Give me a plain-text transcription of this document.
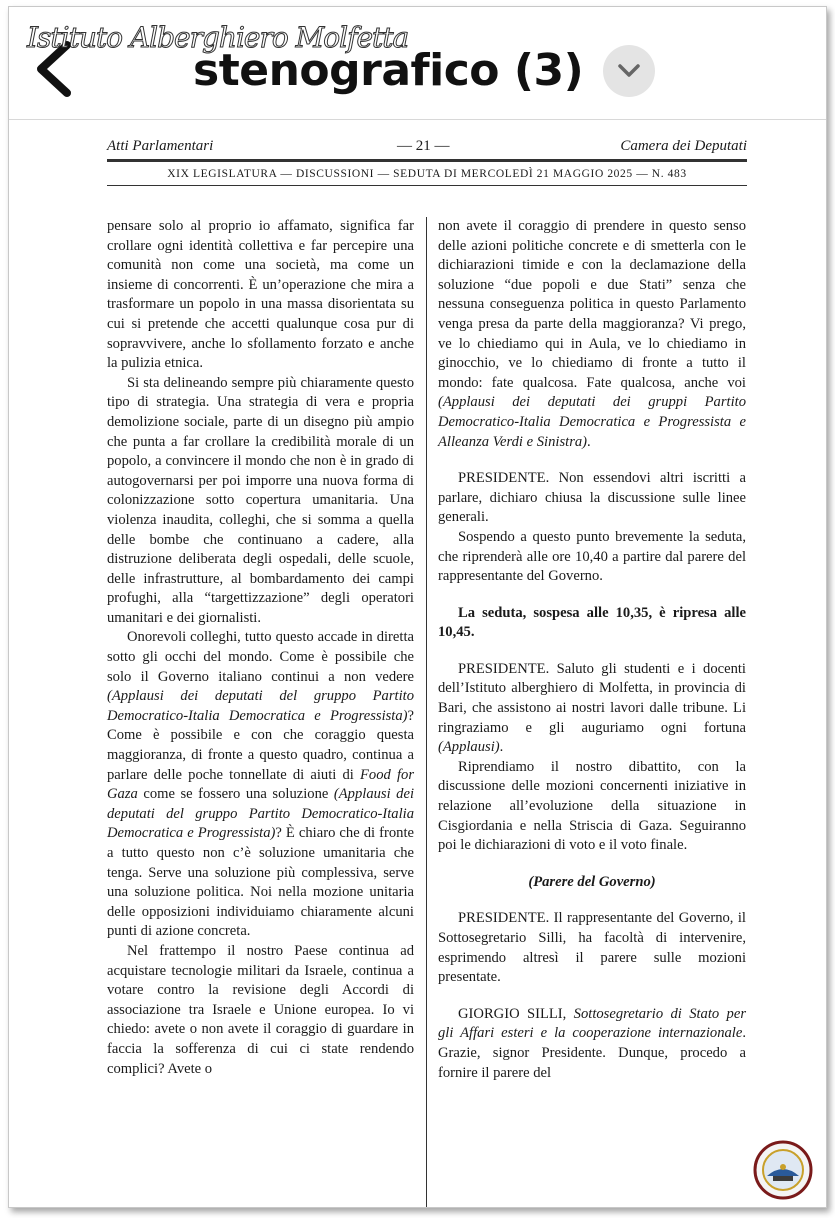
stenografico (3)
Istituto Alberghiero Molfetta
Atti Parlamentari	— 21 —	Camera dei Deputati
XIX LEGISLATURA — DISCUSSIONI — SEDUTA DI MERCOLEDÌ 21 MAGGIO 2025 — N. 483

pensare solo al proprio io affamato, significa far crollare ogni identità collettiva e far percepire una comunità non come una società, ma come un insieme di concorrenti. È un’operazione che mira a trasformare un popolo in una massa disorientata su cui si pretende che accetti qualunque cosa pur di sopravvivere, anche lo sfollamento forzato e anche la pulizia etnica.

Si sta delineando sempre più chiaramente questo tipo di strategia. Una strategia di vera e propria demolizione sociale, parte di un disegno più ampio che punta a far crollare la credibilità morale di un popolo, a convincere il mondo che non è in grado di autogovernarsi per poi imporre una nuova forma di colonizzazione sotto copertura umanitaria. Una violenza inaudita, colleghi, che si somma a quella delle bombe che continuano a cadere, alla distruzione deliberata degli ospedali, delle scuole, delle infrastrutture, al bombardamento dei campi profughi, alla “targettizzazione” degli operatori umanitari e dei giornalisti.

Onorevoli colleghi, tutto questo accade in diretta sotto gli occhi del mondo. Come è possibile che solo il Governo italiano continui a non vedere (Applausi dei deputati del gruppo Partito Democratico-Italia Democratica e Progressista)? Come è possibile e con che coraggio questa maggioranza, di fronte a questo quadro, continua a parlare delle poche tonnellate di aiuti di Food for Gaza come se fossero una soluzione (Applausi dei deputati del gruppo Partito Democratico-Italia Democratica e Progressista)? È chiaro che di fronte a tutto questo non c’è soluzione umanitaria che tenga. Serve una soluzione più complessiva, serve una soluzione politica. Noi nella mozione unitaria delle opposizioni individuiamo chiaramente alcuni punti di azione concreta.

Nel frattempo il nostro Paese continua ad acquistare tecnologie militari da Israele, continua a votare contro la revisione degli Accordi di associazione tra Israele e Unione europea. Io vi chiedo: avete o non avete il coraggio di guardare in faccia la sofferenza di cui ci state rendendo complici? Avete o

non avete il coraggio di prendere in questo senso delle azioni politiche concrete e di smetterla con le dichiarazioni timide e con la declamazione della soluzione “due popoli e due Stati” senza che nessuna conseguenza politica in questo Parlamento venga presa da parte della maggioranza? Vi prego, ve lo chiediamo qui in Aula, ve lo chiediamo in ginocchio, ve lo chiediamo di fronte a tutto il mondo: fate qualcosa. Fate qualcosa, anche voi (Applausi dei deputati dei gruppi Partito Democratico-Italia Democratica e Progressista e Alleanza Verdi e Sinistra).

PRESIDENTE. Non essendovi altri iscritti a parlare, dichiaro chiusa la discussione sulle linee generali.

Sospendo a questo punto brevemente la seduta, che riprenderà alle ore 10,40 a partire dal parere del rappresentante del Governo.

La seduta, sospesa alle 10,35, è ripresa alle 10,45.

PRESIDENTE. Saluto gli studenti e i docenti dell’Istituto alberghiero di Molfetta, in provincia di Bari, che assistono ai nostri lavori dalle tribune. Li ringraziamo e gli auguriamo ogni fortuna (Applausi).

Riprendiamo il nostro dibattito, con la discussione delle mozioni concernenti iniziative in relazione all’evoluzione della situazione in Cisgiordania e nella Striscia di Gaza. Seguiranno poi le dichiarazioni di voto e il voto finale.

(Parere del Governo)

PRESIDENTE. Il rappresentante del Governo, il Sottosegretario Silli, ha facoltà di intervenire, esprimendo altresì il parere sulle mozioni presentate.

GIORGIO SILLI, Sottosegretario di Stato per gli Affari esteri e la cooperazione internazionale. Grazie, signor Presidente. Dunque, procedo a fornire il parere del
